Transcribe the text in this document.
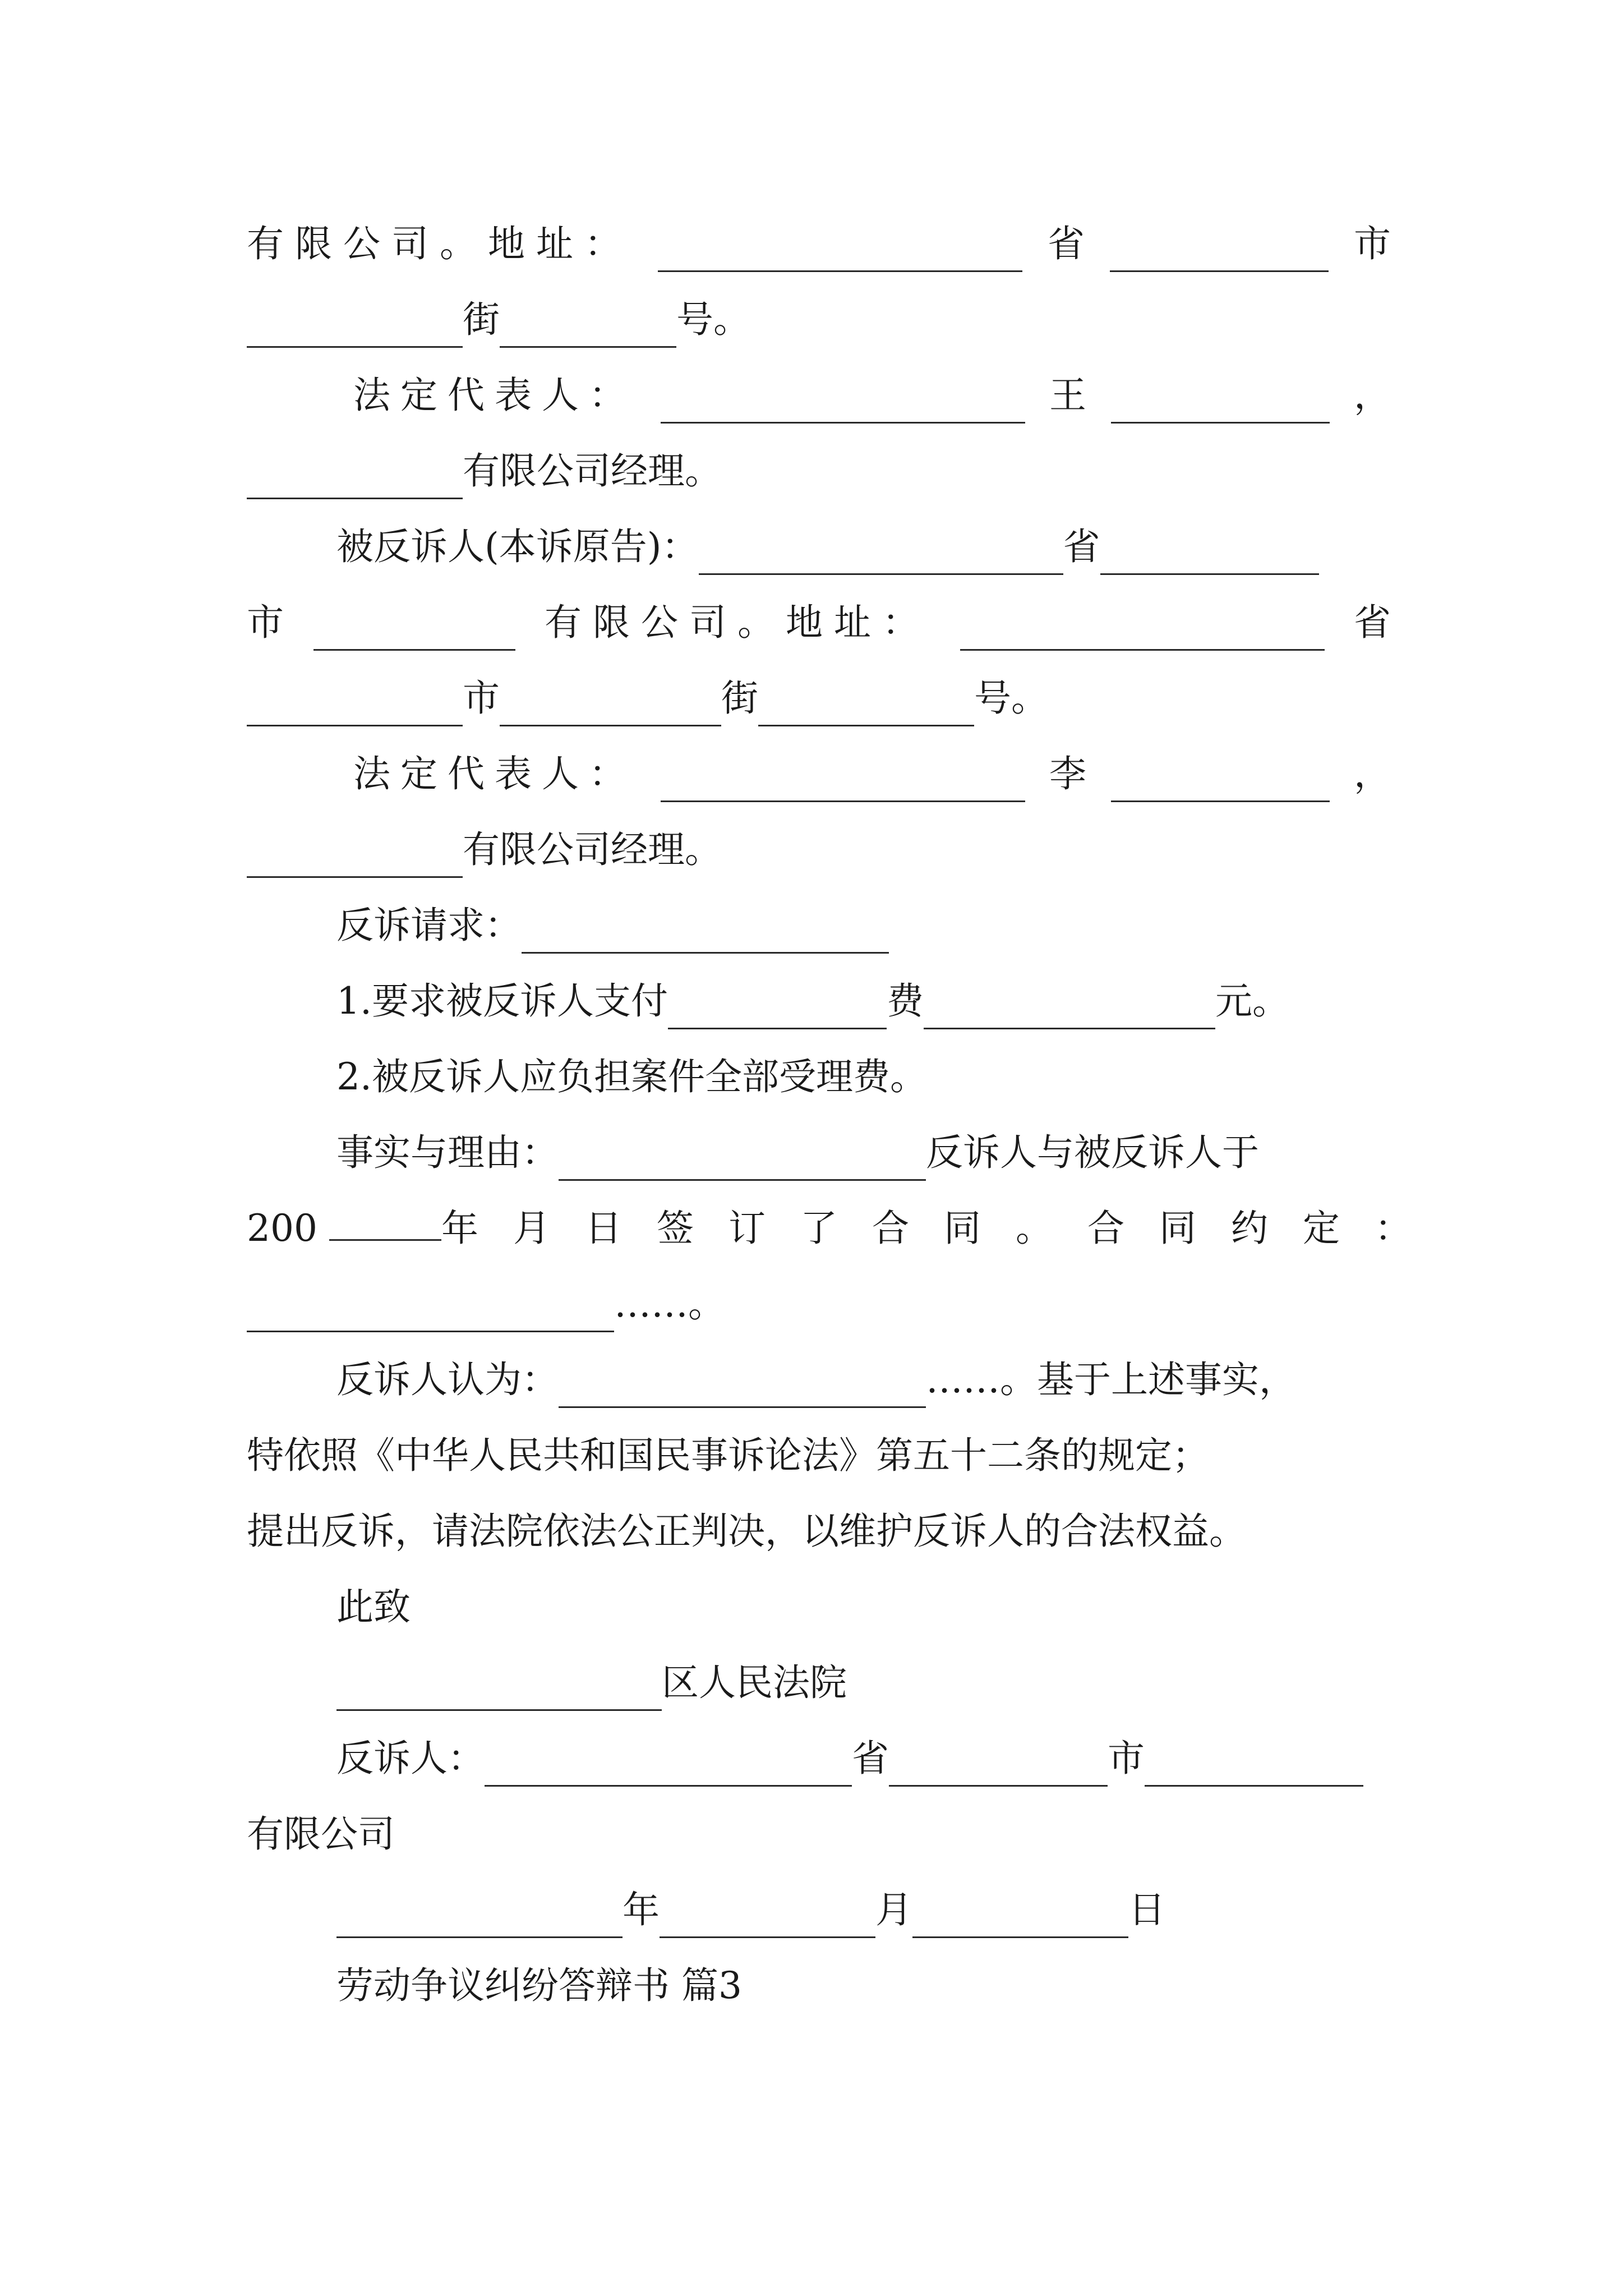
有限公司。地址：	省	市
街	号。
法定代表人：	王	，
有限公司经理。
被反诉人(本诉原告)：	省
市	有限公司。地址：	省
市	街	号。
法定代表人：	李	，
有限公司经理。
反诉请求：
1.要求被反诉人支付	费	元。
2.被反诉人应负担案件全部受理费。
事实与理由：	反诉人与被反诉人于
200	年月日签订了合同。合同约定：
……。
反诉人认为：	……。基于上述事实，
特依照《中华人民共和国民事诉论法》第五十二条的规定；
提出反诉，请法院依法公正判决，以维护反诉人的合法权益。
此致
区人民法院
反诉人：	省	市
有限公司
年	月	日
劳动争议纠纷答辩书 篇3
